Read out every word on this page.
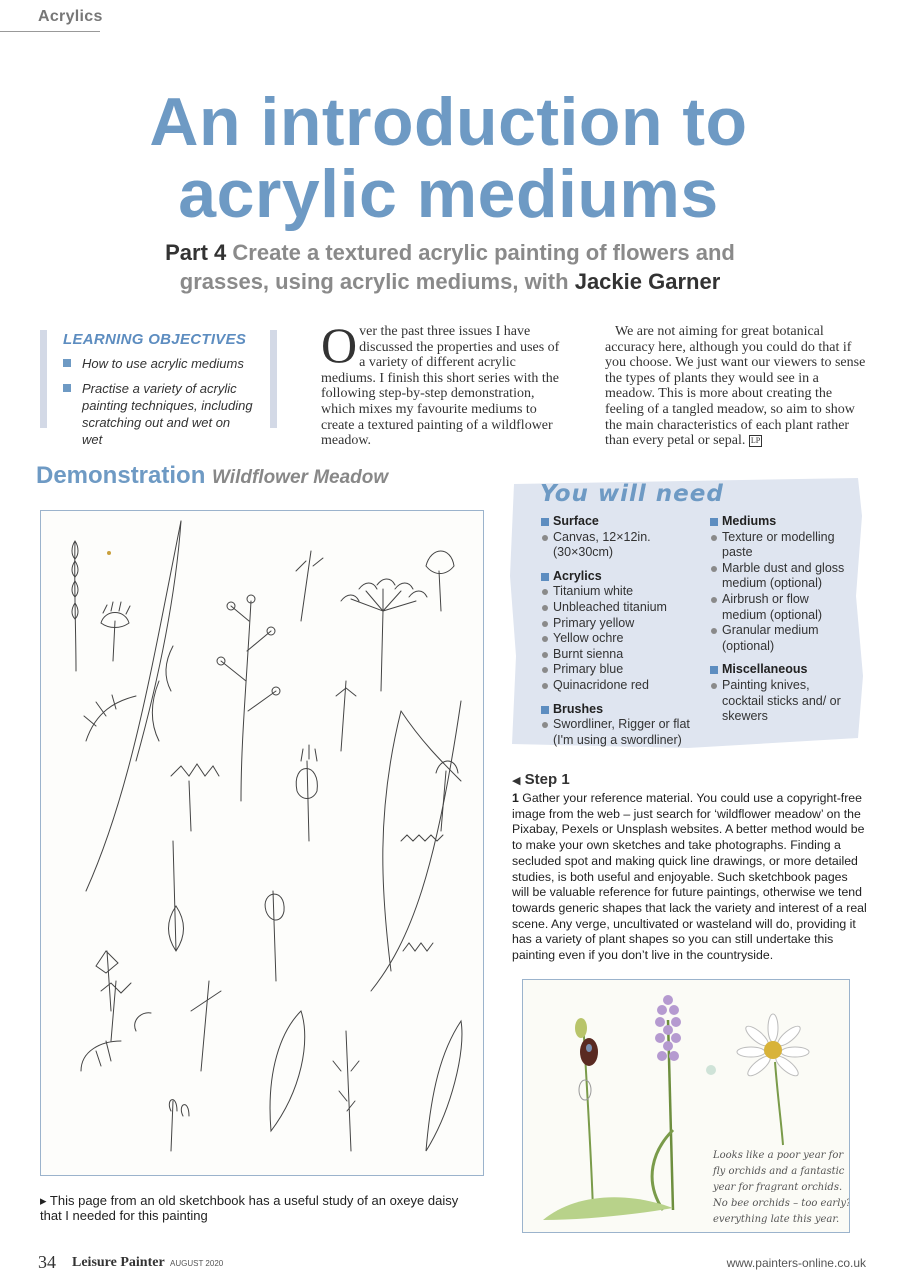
Acrylics
An introduction to
acrylic mediums
Part 4 Create a textured acrylic painting of flowers and grasses, using acrylic mediums, with Jackie Garner
LEARNING OBJECTIVES
How to use acrylic mediums
Practise a variety of acrylic painting techniques, including scratching out and wet on wet
O ver the past three issues I have discussed the properties and uses of a variety of different acrylic mediums. I finish this short series with the following step-by-step demonstration, which mixes my favourite mediums to create a textured painting of a wildflower meadow.
We are not aiming for great botanical accuracy here, although you could do that if you choose. We just want our viewers to sense the types of plants they would see in a meadow. This is more about creating the feeling of a tangled meadow, so aim to show the main characteristics of each plant rather than every petal or sepal. LP
Demonstration Wildflower Meadow
▸ This page from an old sketchbook has a useful study of an oxeye daisy that I needed for this painting
You will need
Surface
Canvas, 12×12in. (30×30cm)
Acrylics
Titanium white
Unbleached titanium
Primary yellow
Yellow ochre
Burnt sienna
Primary blue
Quinacridone red
Brushes
Swordliner, Rigger or flat (I'm using a swordliner)
Mediums
Texture or modelling paste
Marble dust and gloss medium (optional)
Airbrush or flow medium (optional)
Granular medium (optional)
Miscellaneous
Painting knives, cocktail sticks and/ or skewers
◀ Step 1
1 Gather your reference material. You could use a copyright-free image from the web – just search for ‘wildflower meadow’ on the Pixabay, Pexels or Unsplash websites. A better method would be to make your own sketches and take photographs. Finding a secluded spot and making quick line drawings, or more detailed studies, is both useful and enjoyable. Such sketchbook pages will be valuable reference for future paintings, otherwise we tend towards generic shapes that lack the variety and interest of a real scene. Any verge, uncultivated or wasteland will do, providing it has a variety of plant shapes so you can still undertake this painting even if you don’t live in the countryside.
Looks like a poor year for
fly orchids and a fantastic
year for fragrant orchids.
No bee orchids – too early? –
everything late this year.
34 Leisure Painter AUGUST 2020	www.painters-online.co.uk
